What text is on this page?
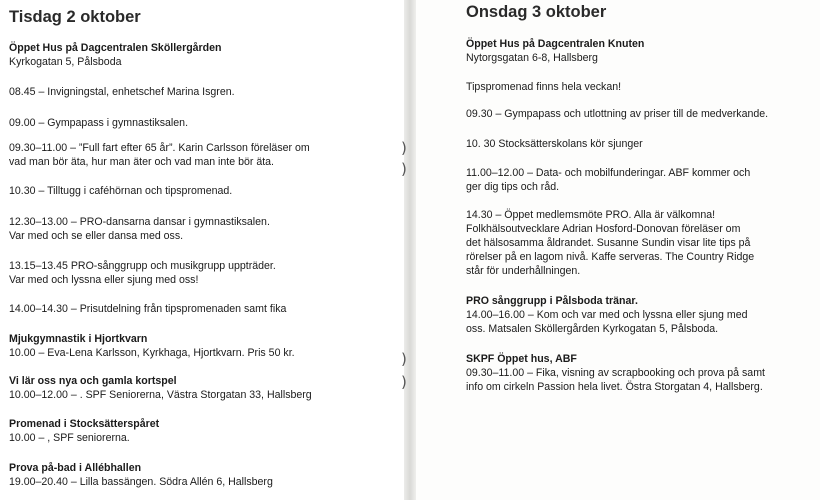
)
)
)
)
Tisdag 2 oktober

Öppet Hus på Dagcentralen Sköllergården

Kyrkogatan 5, Pålsboda

08.45 – Invigningstal, enhetschef Marina Isgren.

09.00 – Gympapass i gymnastiksalen.

09.30–11.00 – ”Full fart efter 65 år”. Karin Carlsson föreläser om
vad man bör äta, hur man äter och vad man inte bör äta.

10.30 – Tilltugg i caféhörnan och tipspromenad.

12.30–13.00 – PRO-dansarna dansar i gymnastiksalen.
Var med och se eller dansa med oss.

13.15–13.45 PRO-sånggrupp och musikgrupp uppträder.
Var med och lyssna eller sjung med oss!

14.00–14.30 – Prisutdelning från tipspromenaden samt fika

Mjukgymnastik i Hjortkvarn

10.00 – Eva-Lena Karlsson, Kyrkhaga, Hjortkvarn. Pris 50 kr.

Vi lär oss nya och gamla kortspel

10.00–12.00 – . SPF Seniorerna, Västra Storgatan 33, Hallsberg

Promenad i Stocksätterspåret

10.00 – , SPF seniorerna.

Prova på-bad i Allébhallen

19.00–20.40 – Lilla bassängen. Södra Allén 6, Hallsberg

Onsdag 3 oktober

Öppet Hus på Dagcentralen Knuten

Nytorgsgatan 6-8, Hallsberg

Tipspromenad finns hela veckan!

09.30 – Gympapass och utlottning av priser till de medverkande.

10. 30 Stocksätterskolans kör sjunger

11.00–12.00 – Data- och mobilfunderingar. ABF kommer och
ger dig tips och råd.

14.30 – Öppet medlemsmöte PRO. Alla är välkomna!
Folkhälsoutvecklare Adrian Hosford-Donovan föreläser om
det hälsosamma åldrandet. Susanne Sundin visar lite tips på
rörelser på en lagom nivå. Kaffe serveras. The Country Ridge
står för underhållningen.

PRO sånggrupp i Pålsboda tränar.

14.00–16.00 – Kom och var med och lyssna eller sjung med
oss. Matsalen Sköllergården Kyrkogatan 5, Pålsboda.

SKPF Öppet hus, ABF

09.30–11.00 – Fika, visning av scrapbooking och prova på samt
info om cirkeln Passion hela livet. Östra Storgatan 4, Hallsberg.
